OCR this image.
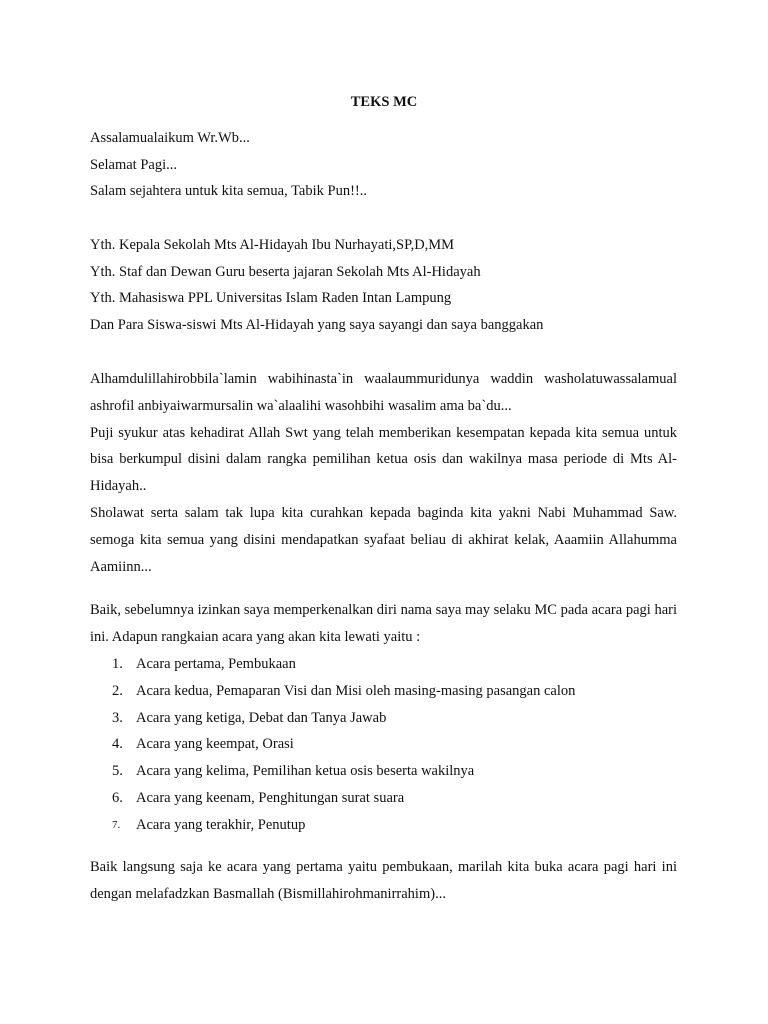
TEKS MC
Assalamualaikum Wr.Wb...
Selamat Pagi...
Salam sejahtera untuk kita semua, Tabik Pun!!..
Yth. Kepala Sekolah Mts Al-Hidayah Ibu Nurhayati,SP,D,MM
Yth. Staf dan Dewan Guru beserta jajaran Sekolah Mts Al-Hidayah
Yth. Mahasiswa PPL Universitas Islam Raden Intan Lampung
Dan Para Siswa-siswi Mts Al-Hidayah yang saya sayangi dan saya banggakan

Alhamdulillahirobbila`lamin wabihinasta`in waalaummuridunya waddin washolatuwassalamual ashrofil anbiyaiwarmursalin wa`alaalihi wasohbihi wasalim ama ba`du...

Puji syukur atas kehadirat Allah Swt yang telah memberikan kesempatan kepada kita semua untuk bisa berkumpul disini dalam rangka pemilihan ketua osis dan wakilnya masa periode di Mts Al-Hidayah..

Sholawat serta salam tak lupa kita curahkan kepada baginda kita yakni Nabi Muhammad Saw. semoga kita semua yang disini mendapatkan syafaat beliau di akhirat kelak, Aaamiin Allahumma Aamiinn...

Baik, sebelumnya izinkan saya memperkenalkan diri nama saya may selaku MC pada acara pagi hari ini. Adapun rangkaian acara yang akan kita lewati yaitu :

1. Acara pertama, Pembukaan
2. Acara kedua, Pemaparan Visi dan Misi oleh masing-masing pasangan calon
3. Acara yang ketiga, Debat dan Tanya Jawab
4. Acara yang keempat, Orasi
5. Acara yang kelima, Pemilihan ketua osis beserta wakilnya
6. Acara yang keenam, Penghitungan surat suara
7.	Acara yang terakhir, Penutup

Baik langsung saja ke acara yang pertama yaitu pembukaan, marilah kita buka acara pagi hari ini dengan melafadzkan Basmallah (Bismillahirohmanirrahim)...
